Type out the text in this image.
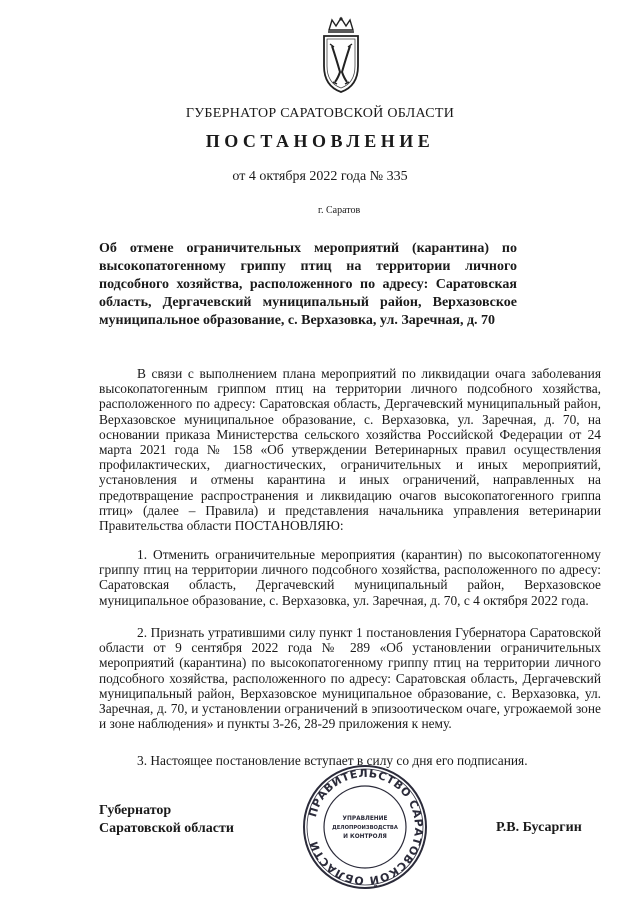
ГУБЕРНАТОР САРАТОВСКОЙ ОБЛАСТИ
ПОСТАНОВЛЕНИЕ
от 4 октября 2022 года № 335
г. Саратов
Об отмене ограничительных мероприятий (карантина) по высокопатогенному гриппу птиц на территории личного подсобного хозяйства, расположенного по адресу: Саратовская область, Дергачевский муниципальный район, Верхазовское муниципальное образование, с. Верхазовка, ул. Заречная, д. 70

В связи с выполнением плана мероприятий по ликвидации очага заболевания высокопатогенным гриппом птиц на территории личного подсобного хозяйства, расположенного по адресу: Саратовская область, Дергачевский муниципальный район, Верхазовское муниципальное образование, с. Верхазовка, ул. Заречная, д. 70, на основании приказа Министерства сельского хозяйства Российской Федерации от 24 марта 2021 года № 158 «Об утверждении Ветеринарных правил осуществления профилактических, диагностических, ограничительных и иных мероприятий, установления и отмены карантина и иных ограничений, направленных на предотвращение распространения и ликвидацию очагов высокопатогенного гриппа птиц» (далее – Правила) и представления начальника управления ветеринарии Правительства области ПОСТАНОВЛЯЮ:

1. Отменить ограничительные мероприятия (карантин) по высокопатогенному гриппу птиц на территории личного подсобного хозяйства, расположенного по адресу: Саратовская область, Дергачевский муниципальный район, Верхазовское муниципальное образование, с. Верхазовка, ул. Заречная, д. 70, с 4 октября 2022 года.

2. Признать утратившими силу пункт 1 постановления Губернатора Саратовской области от 9 сентября 2022 года № 289 «Об установлении ограничительных мероприятий (карантина) по высокопатогенному гриппу птиц на территории личного подсобного хозяйства, расположенного по адресу: Саратовская область, Дергачевский муниципальный район, Верхазовское муниципальное образование, с. Верхазовка, ул. Заречная, д. 70, и установлении ограничений в эпизоотическом очаге, угрожаемой зоне и зоне наблюдения» и пункты 3-26, 28-29 приложения к нему.

3. Настоящее постановление вступает в силу со дня его подписания.

Губернатор
Саратовской области
ПРАВИТЕЛЬСТВО САРАТОВСКОЙ ОБЛАСТИ
УПРАВЛЕНИЕ
ДЕЛОПРОИЗВОДСТВА
И КОНТРОЛЯ
Р.В. Бусаргин
